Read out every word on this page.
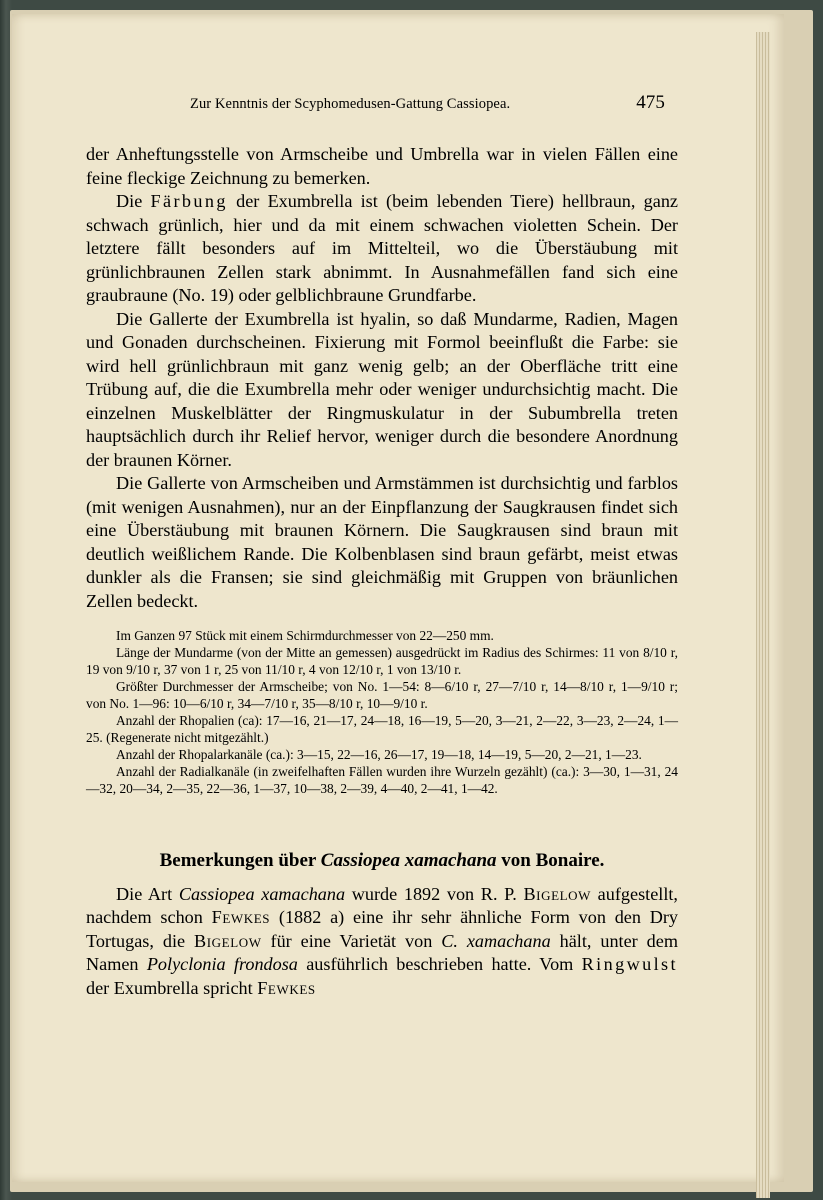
Zur Kenntnis der Scyphomedusen-Gattung Cassiopea.	475

der Anheftungsstelle von Armscheibe und Umbrella war in vielen Fällen eine feine fleckige Zeichnung zu bemerken.

Die Färbung der Exumbrella ist (beim lebenden Tiere) hellbraun, ganz schwach grünlich, hier und da mit einem schwachen violetten Schein. Der letztere fällt besonders auf im Mittelteil, wo die Überstäubung mit grünlichbraunen Zellen stark abnimmt. In Ausnahmefällen fand sich eine graubraune (No. 19) oder gelblichbraune Grundfarbe.

Die Gallerte der Exumbrella ist hyalin, so daß Mundarme, Radien, Magen und Gonaden durchscheinen. Fixierung mit Formol beeinflußt die Farbe: sie wird hell grünlichbraun mit ganz wenig gelb; an der Oberfläche tritt eine Trübung auf, die die Exumbrella mehr oder weniger undurchsichtig macht. Die einzelnen Muskelblätter der Ringmuskulatur in der Subumbrella treten hauptsächlich durch ihr Relief hervor, weniger durch die besondere Anordnung der braunen Körner.

Die Gallerte von Armscheiben und Armstämmen ist durchsichtig und farblos (mit wenigen Ausnahmen), nur an der Einpflanzung der Saugkrausen findet sich eine Überstäubung mit braunen Körnern. Die Saugkrausen sind braun mit deutlich weißlichem Rande. Die Kolbenblasen sind braun gefärbt, meist etwas dunkler als die Fransen; sie sind gleichmäßig mit Gruppen von bräunlichen Zellen bedeckt.

Im Ganzen 97 Stück mit einem Schirmdurchmesser von 22—250 mm.

Länge der Mundarme (von der Mitte an gemessen) ausgedrückt im Radius des Schirmes: 11 von 8/10 r, 19 von 9/10 r, 37 von 1 r, 25 von 11/10 r, 4 von 12/10 r, 1 von 13/10 r.

Größter Durchmesser der Armscheibe; von No. 1—54: 8—6/10 r, 27—7/10 r, 14—8/10 r, 1—9/10 r; von No. 1—96: 10—6/10 r, 34—7/10 r, 35—8/10 r, 10—9/10 r.

Anzahl der Rhopalien (ca): 17—16, 21—17, 24—18, 16—19, 5—20, 3—21, 2—22, 3—23, 2—24, 1—25. (Regenerate nicht mitgezählt.)

Anzahl der Rhopalarkanäle (ca.): 3—15, 22—16, 26—17, 19—18, 14—19, 5—20, 2—21, 1—23.

Anzahl der Radialkanäle (in zweifelhaften Fällen wurden ihre Wurzeln gezählt) (ca.): 3—30, 1—31, 24—32, 20—34, 2—35, 22—36, 1—37, 10—38, 2—39, 4—40, 2—41, 1—42.

Bemerkungen über Cassiopea xamachana von Bonaire.

Die Art Cassiopea xamachana wurde 1892 von R. P. Bigelow aufgestellt, nachdem schon Fewkes (1882 a) eine ihr sehr ähnliche Form von den Dry Tortugas, die Bigelow für eine Varietät von C. xamachana hält, unter dem Namen Polyclonia frondosa ausführlich beschrieben hatte. Vom Ringwulst der Exumbrella spricht Fewkes
